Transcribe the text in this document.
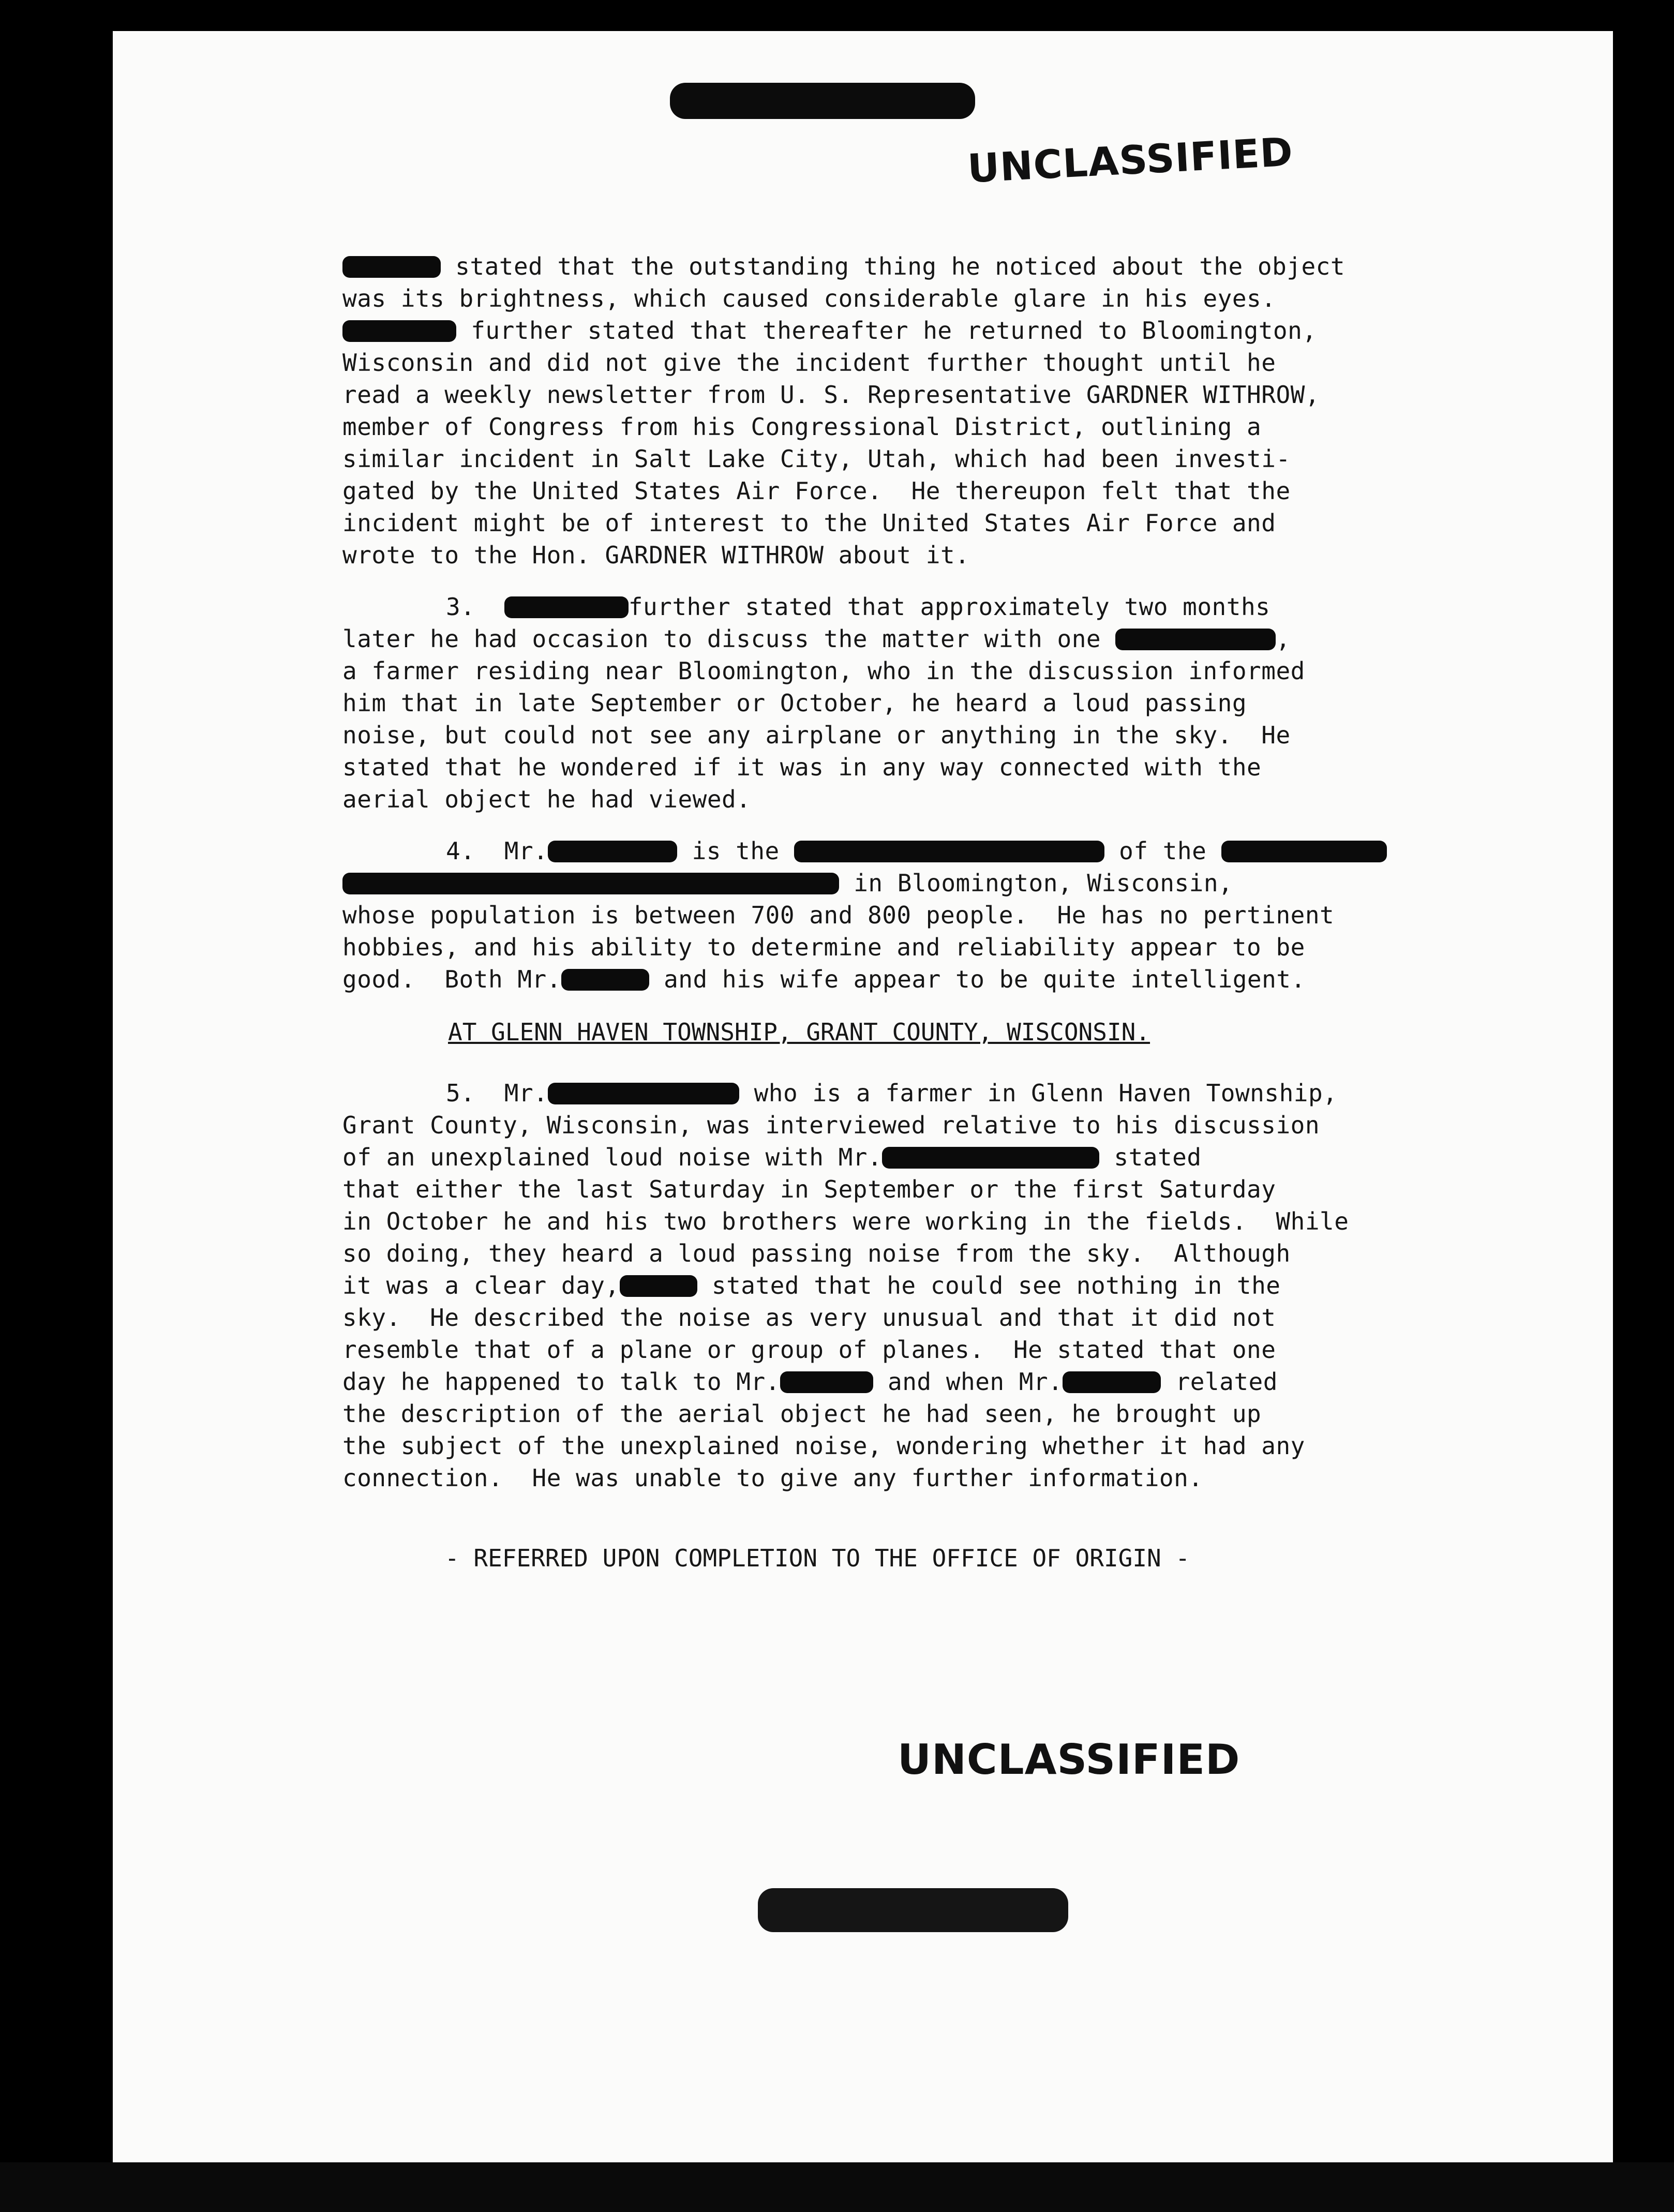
UNCLASSIFIED
stated that the outstanding thing he noticed about the object
was its brightness, which caused considerable glare in his eyes.
further stated that thereafter he returned to Bloomington,
Wisconsin and did not give the incident further thought until he
read a weekly newsletter from U. S. Representative GARDNER WITHROW,
member of Congress from his Congressional District, outlining a
similar incident in Salt Lake City, Utah, which had been investi-
gated by the United States Air Force.  He thereupon felt that the
incident might be of interest to the United States Air Force and
wrote to the Hon. GARDNER WITHROW about it.
3.	further stated that approximately two months
later he had occasion to discuss the matter with one	,
a farmer residing near Bloomington, who in the discussion informed
him that in late September or October, he heard a loud passing
noise, but could not see any airplane or anything in the sky.  He
stated that he wondered if it was in any way connected with the
aerial object he had viewed.
4.  Mr.	is the	of the
in Bloomington, Wisconsin,
whose population is between 700 and 800 people.  He has no pertinent
hobbies, and his ability to determine and reliability appear to be
good.  Both Mr.	and his wife appear to be quite intelligent.
AT GLENN HAVEN TOWNSHIP, GRANT COUNTY, WISCONSIN.
5.  Mr.	who is a farmer in Glenn Haven Township,
Grant County, Wisconsin, was interviewed relative to his discussion
of an unexplained loud noise with Mr.	stated
that either the last Saturday in September or the first Saturday
in October he and his two brothers were working in the fields.  While
so doing, they heard a loud passing noise from the sky.  Although
it was a clear day,	stated that he could see nothing in the
sky.  He described the noise as very unusual and that it did not
resemble that of a plane or group of planes.  He stated that one
day he happened to talk to Mr.	and when Mr.	related
the description of the aerial object he had seen, he brought up
the subject of the unexplained noise, wondering whether it had any
connection.  He was unable to give any further information.
- REFERRED UPON COMPLETION TO THE OFFICE OF ORIGIN -
UNCLASSIFIED
